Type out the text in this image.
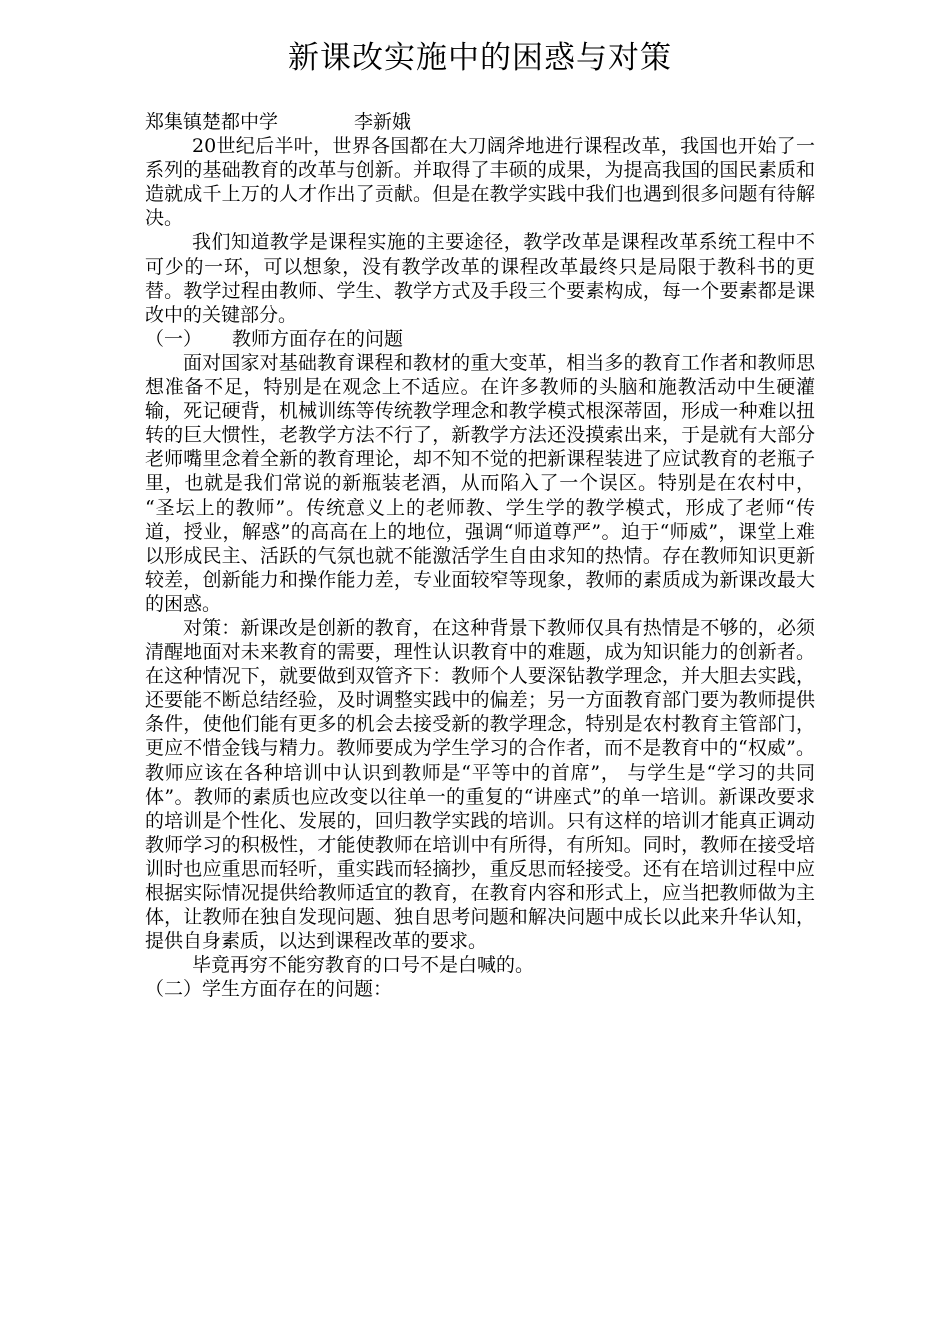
新课改实施中的困惑与对策

郑集镇楚都中学	李新娥

20世纪后半叶，世界各国都在大刀阔斧地进行课程改革，我国也开始了一系列的基础教育的改革与创新。并取得了丰硕的成果，为提高我国的国民素质和造就成千上万的人才作出了贡献。但是在教学实践中我们也遇到很多问题有待解决。

我们知道教学是课程实施的主要途径，教学改革是课程改革系统工程中不可少的一环，可以想象，没有教学改革的课程改革最终只是局限于教科书的更替。教学过程由教师、学生、教学方式及手段三个要素构成，每一个要素都是课改中的关键部分。

（一） 教师方面存在的问题

面对国家对基础教育课程和教材的重大变革，相当多的教育工作者和教师思想准备不足，特别是在观念上不适应。在许多教师的头脑和施教活动中生硬灌输，死记硬背，机械训练等传统教学理念和教学模式根深蒂固，形成一种难以扭转的巨大惯性，老教学方法不行了，新教学方法还没摸索出来，于是就有大部分老师嘴里念着全新的教育理论，却不知不觉的把新课程装进了应试教育的老瓶子里，也就是我们常说的新瓶装老酒，从而陷入了一个误区。特别是在农村中， “圣坛上的教师”。传统意义上的老师教、学生学的教学模式，形成了老师“传道，授业，解惑”的高高在上的地位，强调“师道尊严”。迫于“师威”，课堂上难以形成民主、活跃的气氛也就不能激活学生自由求知的热情。存在教师知识更新较差，创新能力和操作能力差，专业面较窄等现象，教师的素质成为新课改最大的困惑。

对策：新课改是创新的教育，在这种背景下教师仅具有热情是不够的，必须清醒地面对未来教育的需要，理性认识教育中的难题，成为知识能力的创新者。在这种情况下，就要做到双管齐下：教师个人要深钻教学理念，并大胆去实践，还要能不断总结经验，及时调整实践中的偏差；另一方面教育部门要为教师提供条件，使他们能有更多的机会去接受新的教学理念，特别是农村教育主管部门，更应不惜金钱与精力。教师要成为学生学习的合作者，而不是教育中的“权威”。教师应该在各种培训中认识到教师是“平等中的首席”， 与学生是“学习的共同体”。教师的素质也应改变以往单一的重复的“讲座式”的单一培训。新课改要求的培训是个性化、发展的，回归教学实践的培训。只有这样的培训才能真正调动教师学习的积极性，才能使教师在培训中有所得，有所知。同时，教师在接受培训时也应重思而轻听，重实践而轻摘抄，重反思而轻接受。还有在培训过程中应根据实际情况提供给教师适宜的教育，在教育内容和形式上，应当把教师做为主体，让教师在独自发现问题、独自思考问题和解决问题中成长以此来升华认知，提供自身素质，以达到课程改革的要求。

毕竟再穷不能穷教育的口号不是白喊的。

（二）学生方面存在的问题：
